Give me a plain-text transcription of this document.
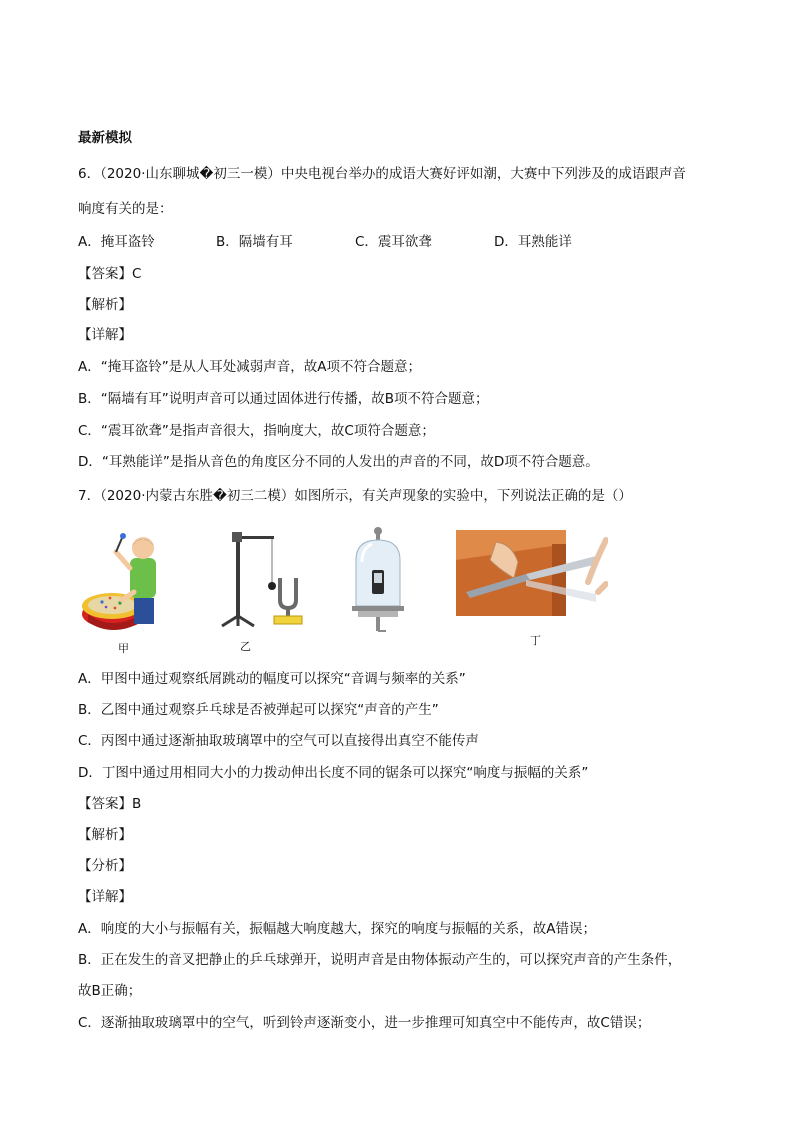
最新模拟
6．（2020·山东聊城�初三一模）中央电视台举办的成语大赛好评如潮，大赛中下列涉及的成语跟声音
响度有关的是：
A．掩耳盗铃	B．隔墙有耳	C．震耳欲聋	D．耳熟能详
【答案】C
【解析】
【详解】
A．“掩耳盗铃”是从人耳处减弱声音，故A项不符合题意；
B．“隔墙有耳”说明声音可以通过固体进行传播，故B项不符合题意；
C．“震耳欲聋”是指声音很大，指响度大，故C项符合题意；
D．“耳熟能详”是指从音色的角度区分不同的人发出的声音的不同，故D项不符合题意。
7．（2020·内蒙古东胜�初三二模）如图所示，有关声现象的实验中，下列说法正确的是（）
甲	乙	丁
A．甲图中通过观察纸屑跳动的幅度可以探究“音调与频率的关系”
B．乙图中通过观察乒乓球是否被弹起可以探究“声音的产生”
C．丙图中通过逐渐抽取玻璃罩中的空气可以直接得出真空不能传声
D．丁图中通过用相同大小的力拨动伸出长度不同的锯条可以探究“响度与振幅的关系”
【答案】B
【解析】
【分析】
【详解】
A．响度的大小与振幅有关，振幅越大响度越大，探究的响度与振幅的关系，故A错误；
B．正在发生的音叉把静止的乒乓球弹开，说明声音是由物体振动产生的，可以探究声音的产生条件，
故B正确；
C．逐渐抽取玻璃罩中的空气，听到铃声逐渐变小，进一步推理可知真空中不能传声，故C错误；
